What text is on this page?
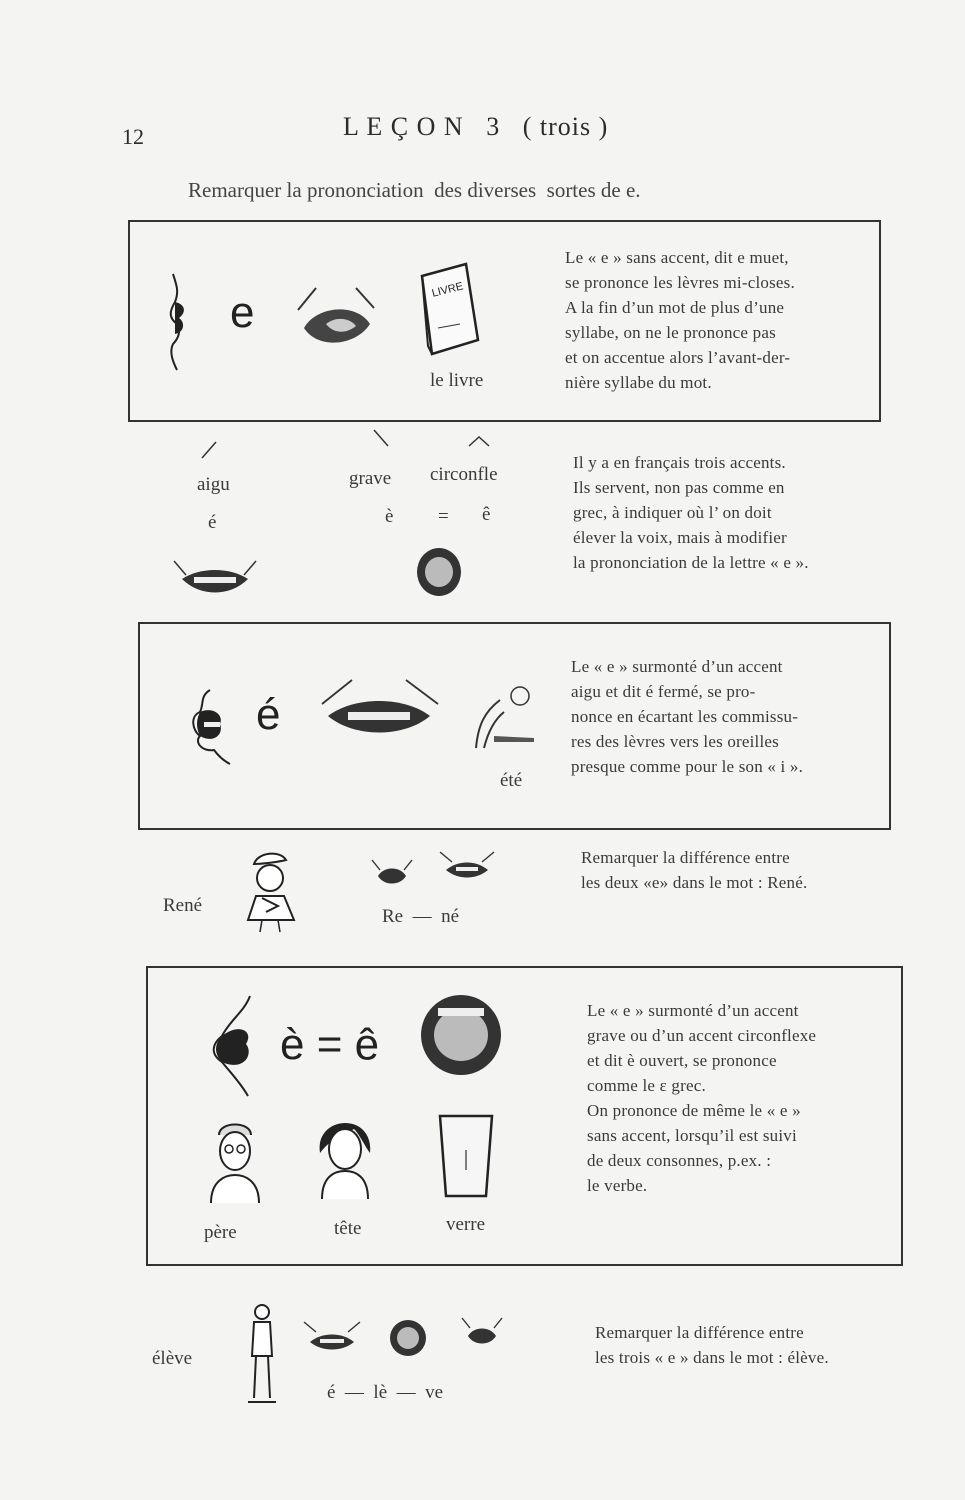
12	L E Ç O N   3   ( trois )
Remarquer la prononciation  des diverses  sortes de e.
e	LIVRE
le livre
Le « e » sans accent, dit e muet,
se prononce les lèvres mi-closes.
A la fin d’un mot de plus d’une
syllabe, on ne le prononce pas
et on accentue alors l’avant-der-
nière syllabe du mot.
aigu	grave circonfle
é	è = ê
Il y a en français trois accents.
Ils servent, non pas comme en
grec, à indiquer où l’ on doit
élever la voix, mais à modifier
la prononciation de la lettre « e ».
é
été
Le « e » surmonté d’un accent
aigu et dit é fermé, se pro-
nonce en écartant les commissu-
res des lèvres vers les oreilles
presque comme pour le son « i ».
René
Re  —  né
Remarquer la différence entre
les deux «e» dans le mot : René.
è = ê
père	tête	verre
Le « e » surmonté d’un accent
grave ou d’un accent circonflexe
et dit è ouvert, se prononce
comme le ε grec.
On prononce de même le « e »
sans accent, lorsqu’il est suivi
de deux consonnes, p.ex. :
le verbe.
élève
é  —  lè  —  ve
Remarquer la différence entre
les trois « e » dans le mot : élève.
